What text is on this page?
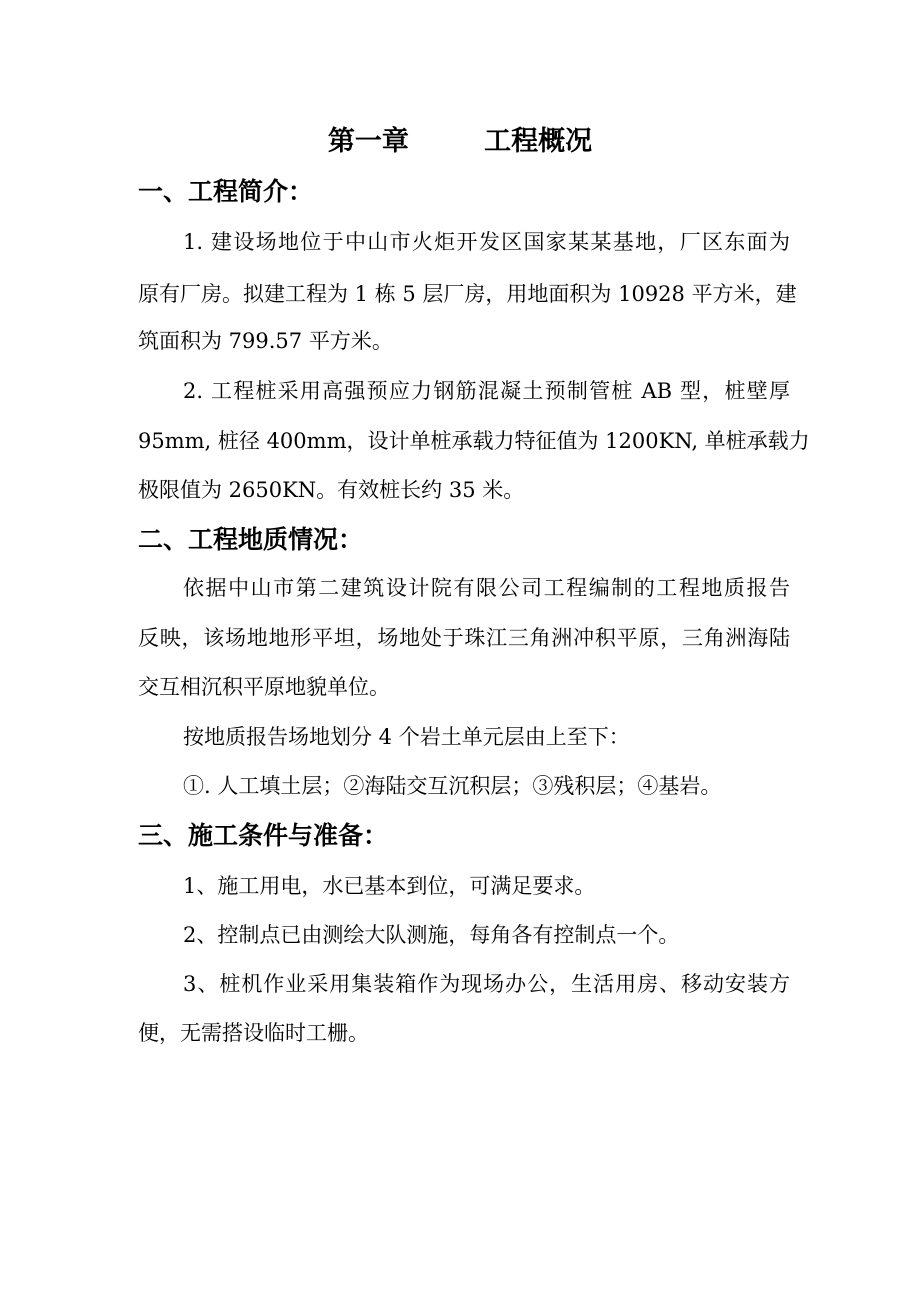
第一章        工程概况
一、工程简介：
1. 建设场地位于中山市火炬开发区国家某某基地，厂区东面为
原有厂房。拟建工程为 1 栋 5 层厂房，用地面积为 10928 平方米，建
筑面积为 799.57 平方米。
2. 工程桩采用高强预应力钢筋混凝土预制管桩 AB 型，桩壁厚
95mm, 桩径 400mm，设计单桩承载力特征值为 1200KN, 单桩承载力
极限值为 2650KN。有效桩长约 35 米。
二、工程地质情况：
依据中山市第二建筑设计院有限公司工程编制的工程地质报告
反映，该场地地形平坦，场地处于珠江三角洲冲积平原，三角洲海陆
交互相沉积平原地貌单位。
按地质报告场地划分 4 个岩土单元层由上至下：
①. 人工填土层；②海陆交互沉积层；③残积层；④基岩。
三、施工条件与准备：
1、施工用电，水已基本到位，可满足要求。
2、控制点已由测绘大队测施，每角各有控制点一个。
3、桩机作业采用集装箱作为现场办公，生活用房、移动安装方
便，无需搭设临时工栅。
